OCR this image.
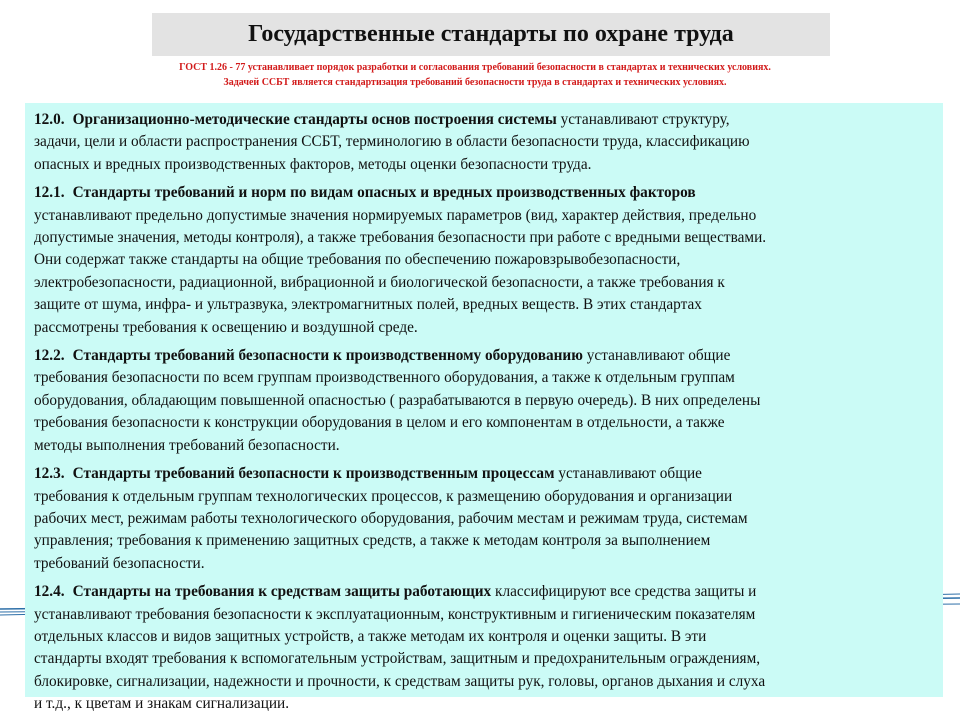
Государственные стандарты по охране труда
ГОСТ 1.26 - 77 устанавливает порядок разработки и согласования требований безопасности в стандартах и технических условиях.
Задачей ССБТ является стандартизация требований безопасности труда в стандартах и технических условиях.
12.0. Организационно-методические стандарты основ построения системы устанавливают структуру,
задачи, цели и области распространения ССБТ, терминологию в области безопасности труда, классификацию
опасных и вредных производственных факторов, методы оценки безопасности труда.
12.1. Стандарты требований и норм по видам опасных и вредных производственных факторов
устанавливают предельно допустимые значения нормируемых параметров (вид, характер действия, предельно
допустимые значения, методы контроля), а также требования безопасности при работе с вредными веществами.
Они содержат также стандарты на общие требования по обеспечению пожаровзрывобезопасности,
электробезопасности, радиационной, вибрационной и биологической безопасности, а также требования к
защите от шума, инфра- и ультразвука, электромагнитных полей, вредных веществ. В этих стандартах
рассмотрены требования к освещению и воздушной среде.
12.2. Стандарты требований безопасности к производственному оборудованию устанавливают общие
требования безопасности по всем группам производственного оборудования, а также к отдельным группам
оборудования, обладающим повышенной опасностью ( разрабатываются в первую очередь). В них определены
требования безопасности к конструкции оборудования в целом и его компонентам в отдельности, а также
методы выполнения требований безопасности.
12.3. Стандарты требований безопасности к производственным процессам устанавливают общие
требования к отдельным группам технологических процессов, к размещению оборудования и организации
рабочих мест, режимам работы технологического оборудования, рабочим местам и режимам труда, системам
управления; требования к применению защитных средств, а также к методам контроля за выполнением
требований безопасности.
12.4. Стандарты на требования к средствам защиты работающих классифицируют все средства защиты и
устанавливают требования безопасности к эксплуатационным, конструктивным и гигиеническим показателям
отдельных классов и видов защитных устройств, а также методам их контроля и оценки защиты. В эти
стандарты входят требования к вспомогательным устройствам, защитным и предохранительным ограждениям,
блокировке, сигнализации, надежности и прочности, к средствам защиты рук, головы, органов дыхания и слуха
и т.д., к цветам и знакам сигнализации.
